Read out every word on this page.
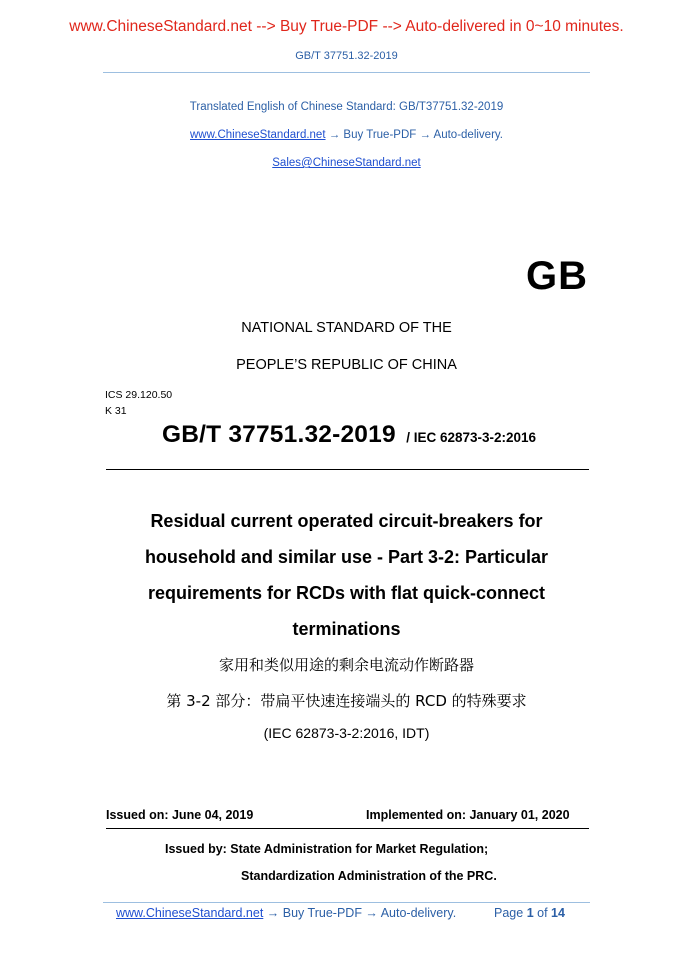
www.ChineseStandard.net --> Buy True-PDF --> Auto-delivered in 0~10 minutes.
GB/T 37751.32-2019
Translated English of Chinese Standard: GB/T37751.32-2019
www.ChineseStandard.net → Buy True-PDF → Auto-delivery.
Sales@ChineseStandard.net
GB
NATIONAL STANDARD OF THE
PEOPLE’S REPUBLIC OF CHINA
ICS 29.120.50
K 31
GB/T 37751.32-2019 / IEC 62873-3-2:2016
Residual current operated circuit-breakers for
household and similar use - Part 3-2: Particular
requirements for RCDs with flat quick-connect
terminations
家用和类似用途的剩余电流动作断路器
第 3-2 部分：带扁平快速连接端头的 RCD 的特殊要求
(IEC 62873-3-2:2016, IDT)
Issued on: June 04, 2019	Implemented on: January 01, 2020
Issued by: State Administration for Market Regulation;
Standardization Administration of the PRC.
www.ChineseStandard.net → Buy True-PDF → Auto-delivery.	Page 1 of 14
